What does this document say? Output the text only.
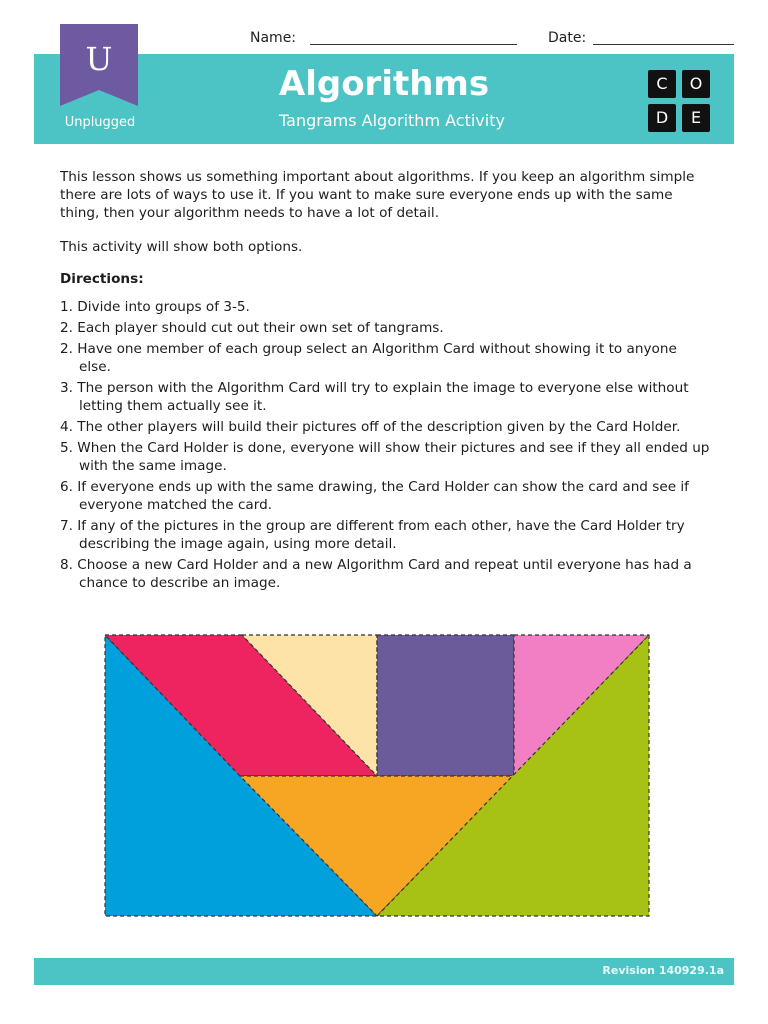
Name:	Date:
U
Unplugged
Algorithms
Tangrams Algorithm Activity
C	O
D	E

This lesson shows us something important about algorithms. If you keep an algorithm simple there are lots of ways to use it. If you want to make sure everyone ends up with the same thing, then your algorithm needs to have a lot of detail.

This activity will show both options.

Directions:

1. Divide into groups of 3-5.
2. Each player should cut out their own set of tangrams.
2. Have one member of each group select an Algorithm Card without showing it to anyone else.
3. The person with the Algorithm Card will try to explain the image to everyone else without letting them actually see it.
4. The other players will build their pictures off of the description given by the Card Holder.
5. When the Card Holder is done, everyone will show their pictures and see if they all ended up with the same image.
6. If everyone ends up with the same drawing, the Card Holder can show the card and see if everyone matched the card.
7. If any of the pictures in the group are different from each other, have the Card Holder try describing the image again, using more detail.
8. Choose a new Card Holder and a new Algorithm Card and repeat until everyone has had a chance to describe an image.
Revision 140929.1a
